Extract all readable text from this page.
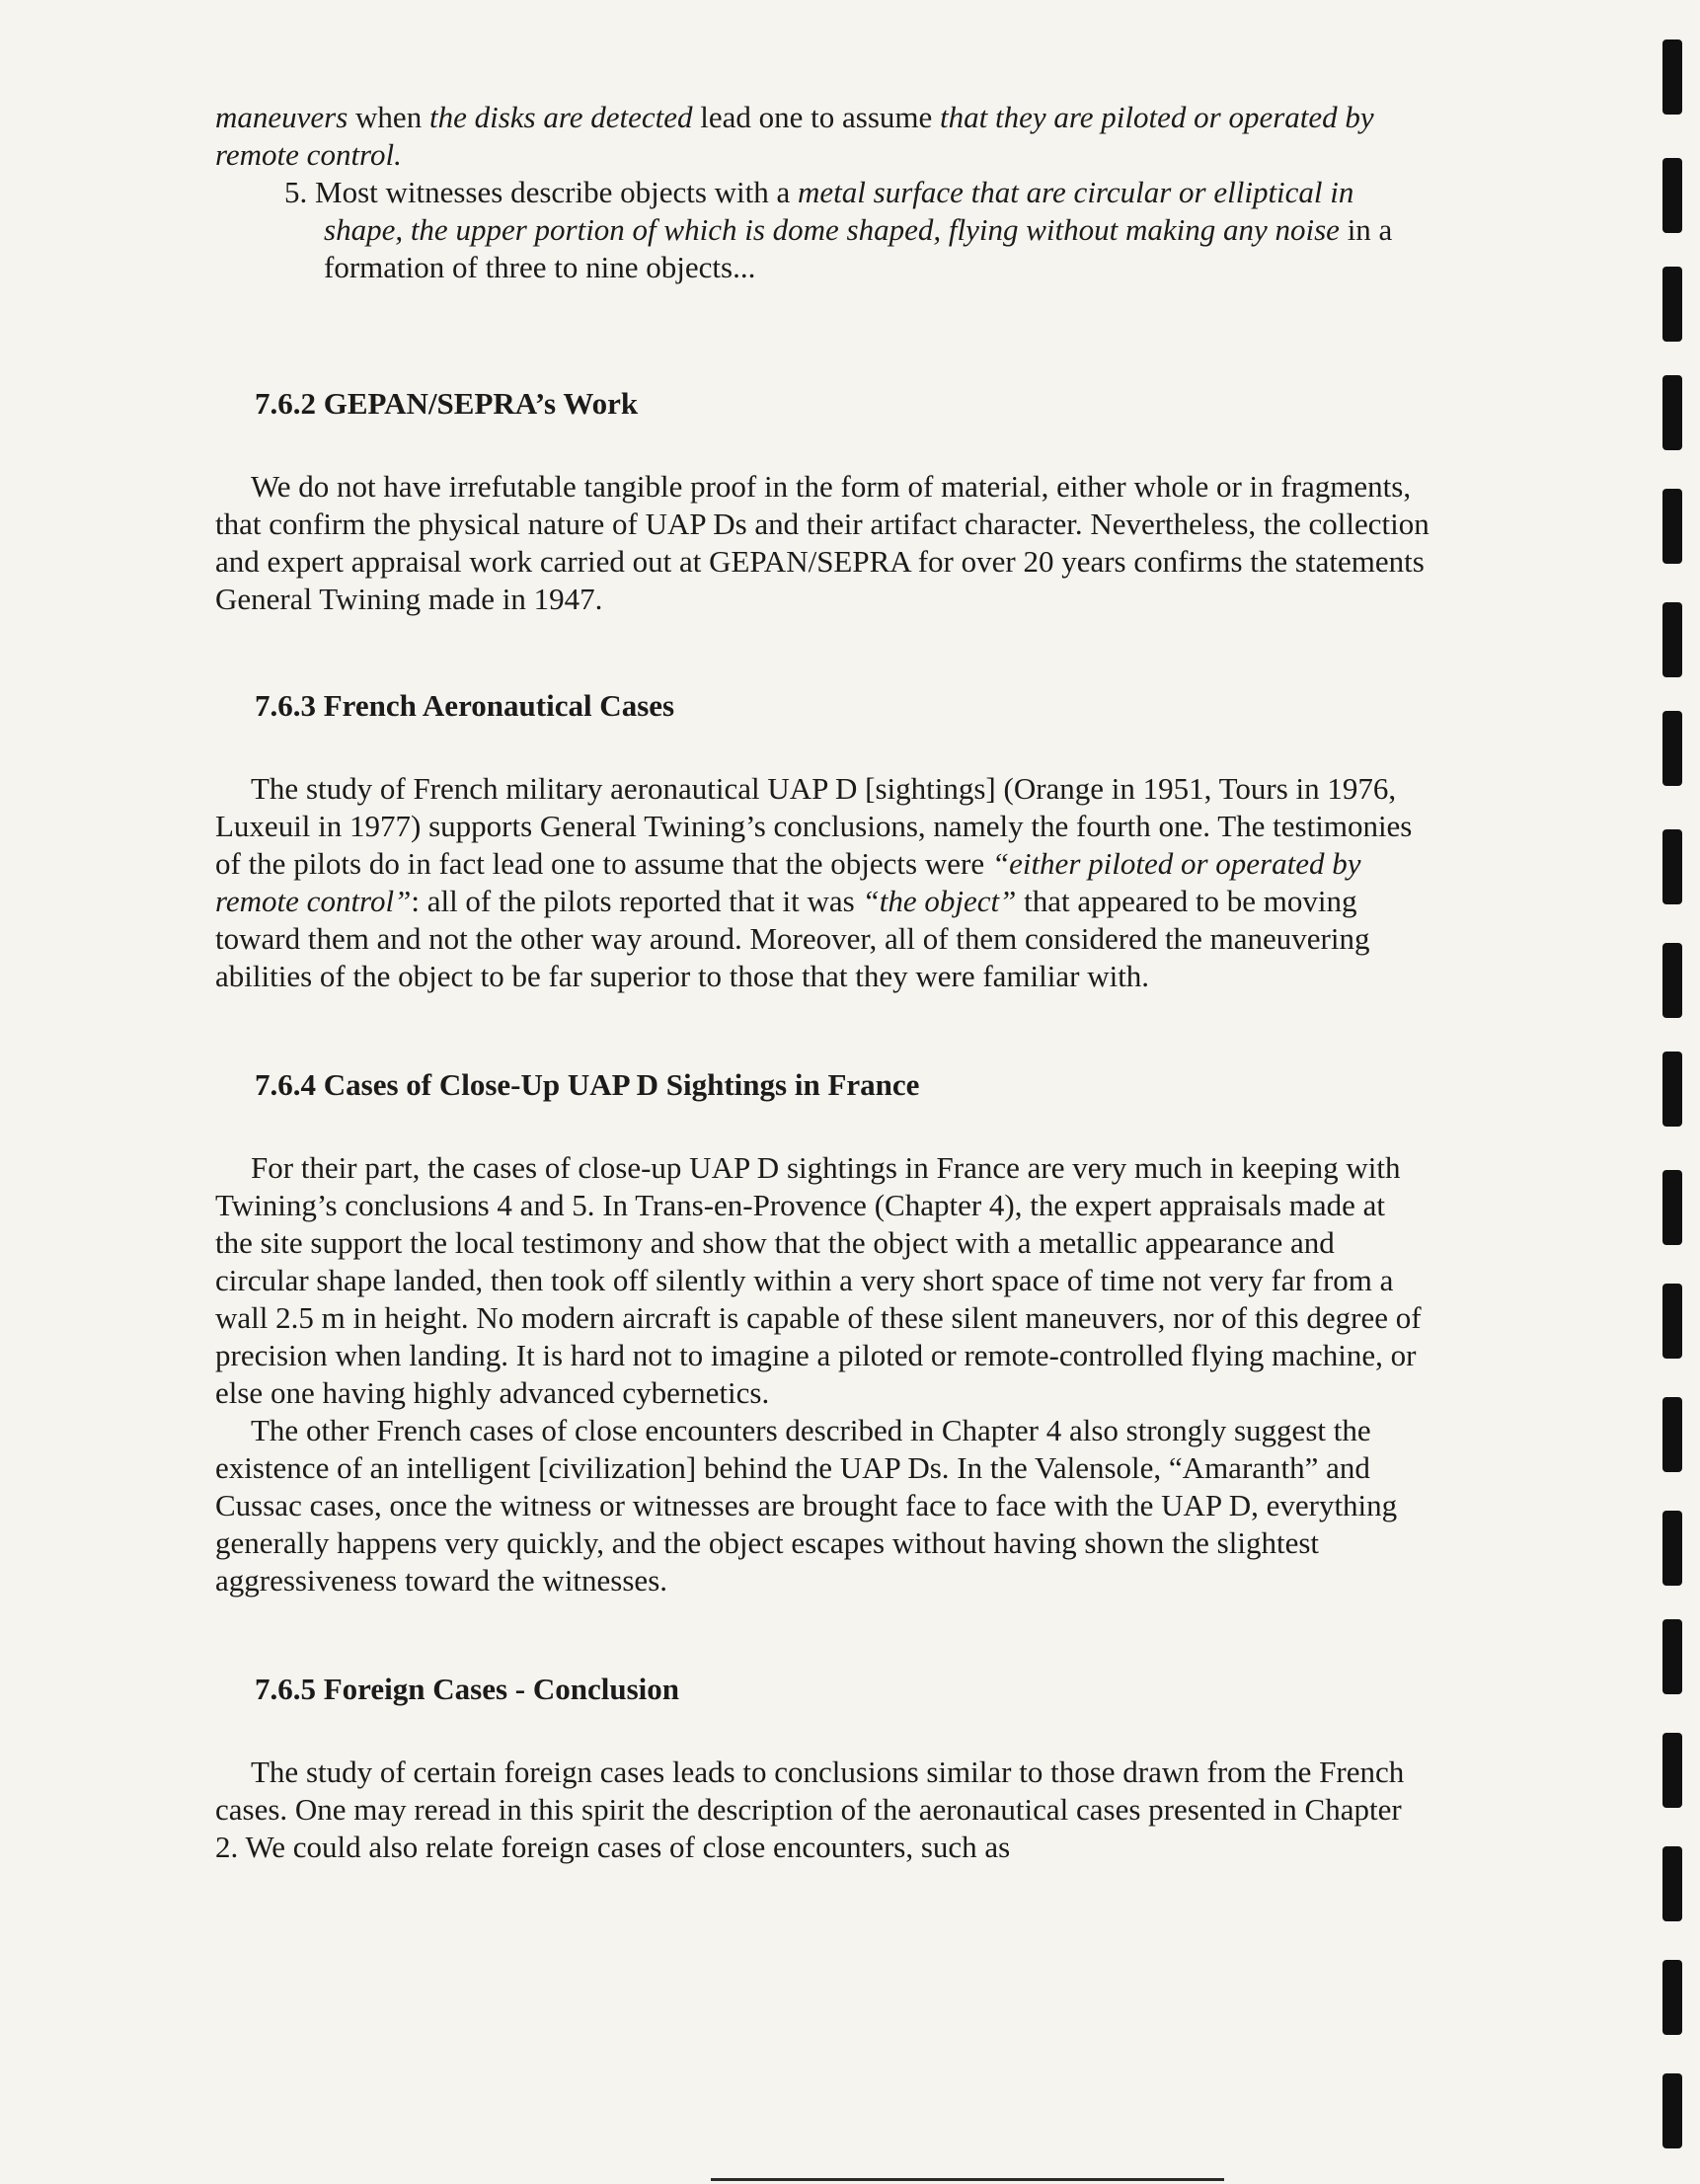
maneuvers when the disks are detected lead one to assume that they are piloted or operated by remote control.

5. Most witnesses describe objects with a metal surface that are circular or elliptical in shape, the upper portion of which is dome shaped, flying without making any noise in a formation of three to nine objects...

7.6.2 GEPAN/SEPRA’s Work

We do not have irrefutable tangible proof in the form of material, either whole or in fragments, that confirm the physical nature of UAP Ds and their artifact character. Nevertheless, the collection and expert appraisal work carried out at GEPAN/SEPRA for over 20 years confirms the statements General Twining made in 1947.

7.6.3 French Aeronautical Cases

The study of French military aeronautical UAP D [sightings] (Orange in 1951, Tours in 1976, Luxeuil in 1977) supports General Twining’s conclusions, namely the fourth one. The testimonies of the pilots do in fact lead one to assume that the objects were “either piloted or operated by remote control”: all of the pilots reported that it was “the object” that appeared to be moving toward them and not the other way around. Moreover, all of them considered the maneuvering abilities of the object to be far superior to those that they were familiar with.

7.6.4 Cases of Close-Up UAP D Sightings in France

For their part, the cases of close-up UAP D sightings in France are very much in keeping with Twining’s conclusions 4 and 5. In Trans-en-Provence (Chapter 4), the expert appraisals made at the site support the local testimony and show that the object with a metallic appearance and circular shape landed, then took off silently within a very short space of time not very far from a wall 2.5 m in height. No modern aircraft is capable of these silent maneuvers, nor of this degree of precision when landing. It is hard not to imagine a piloted or remote-controlled flying machine, or else one having highly advanced cybernetics.

The other French cases of close encounters described in Chapter 4 also strongly suggest the existence of an intelligent [civilization] behind the UAP Ds. In the Valensole, “Amaranth” and Cussac cases, once the witness or witnesses are brought face to face with the UAP D, everything generally happens very quickly, and the object escapes without having shown the slightest aggressiveness toward the witnesses.

7.6.5 Foreign Cases - Conclusion

The study of certain foreign cases leads to conclusions similar to those drawn from the French cases. One may reread in this spirit the description of the aeronautical cases presented in Chapter 2. We could also relate foreign cases of close encounters, such as
